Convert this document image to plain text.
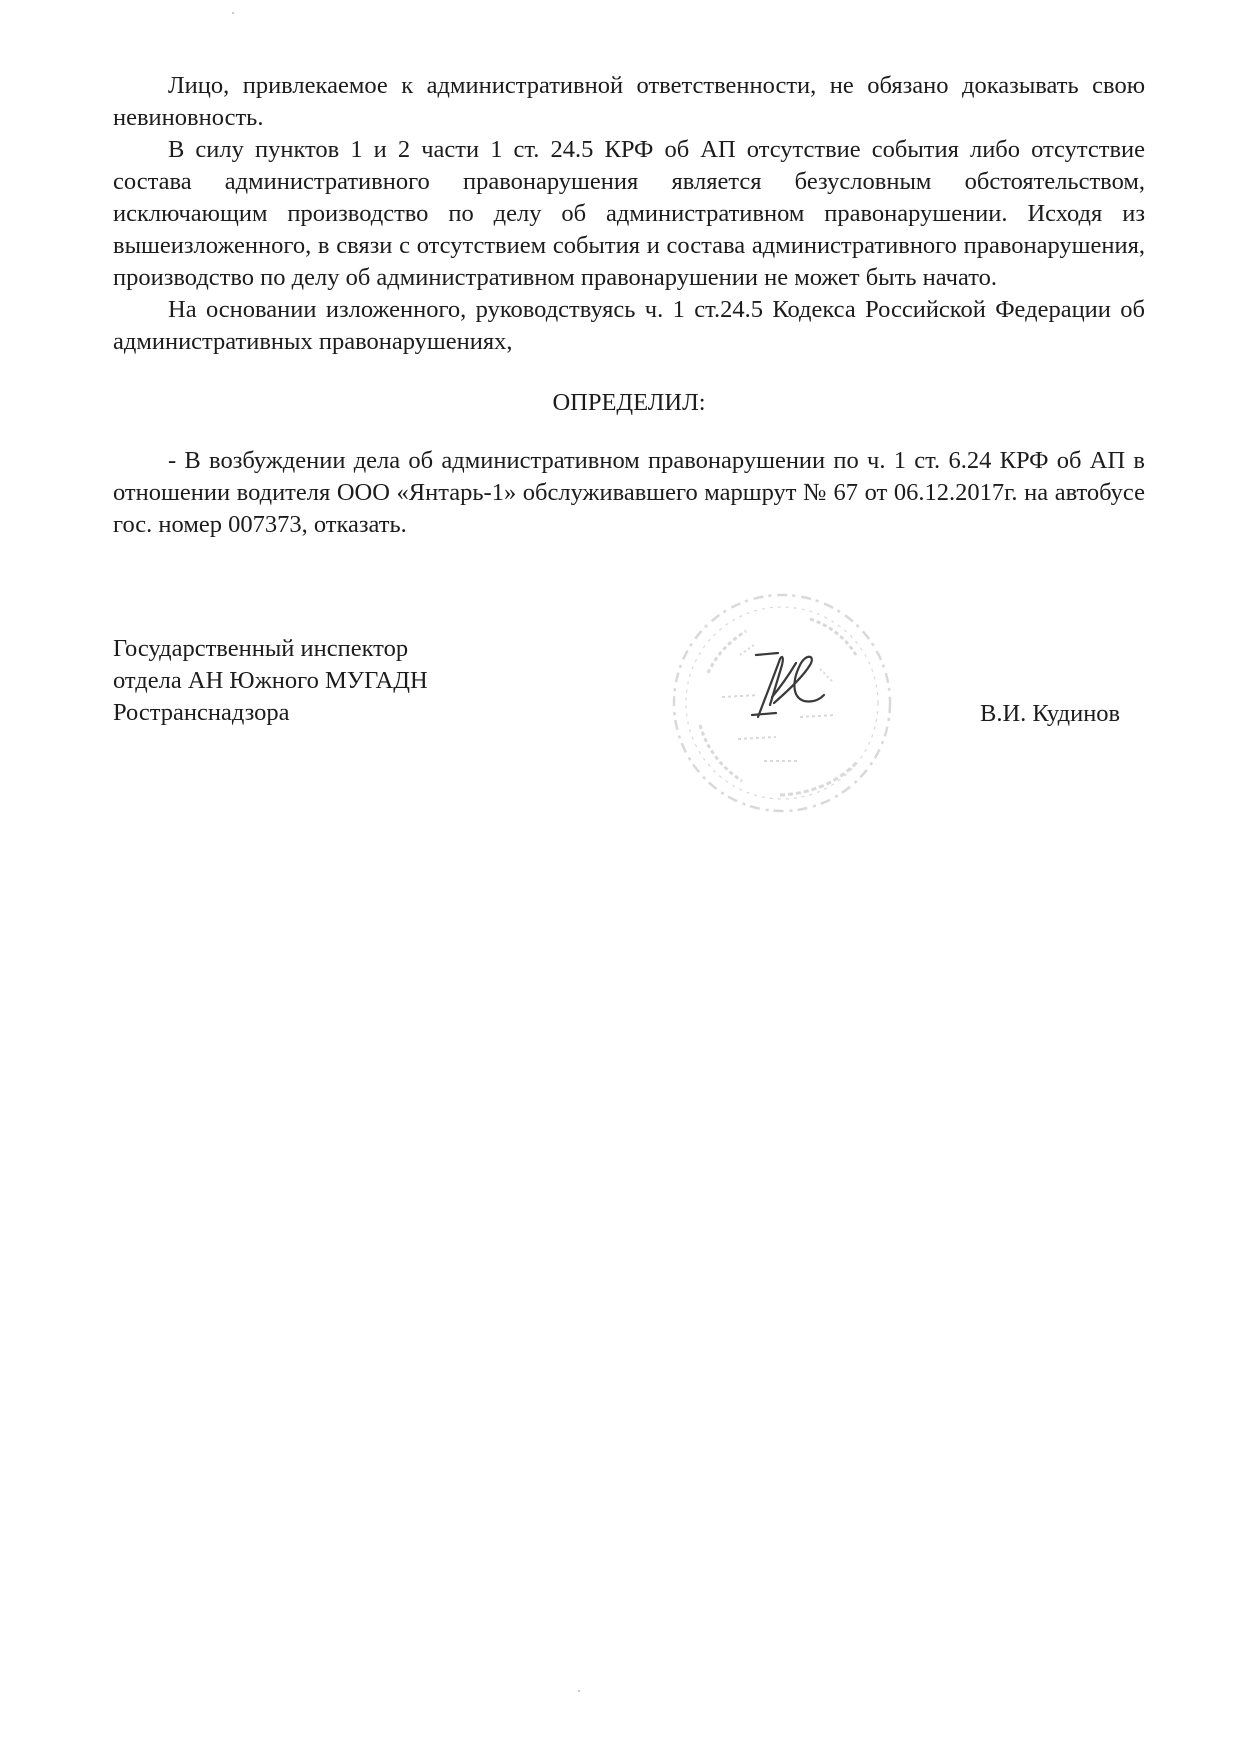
Лицо, привлекаемое к административной ответственности, не обязано доказывать свою невиновность.

В силу пунктов 1 и 2 части 1 ст. 24.5 КРФ об АП отсутствие события либо отсутствие состава административного правонарушения является безусловным обстоятельством, исключающим производство по делу об административном правонарушении. Исходя из вышеизложенного, в связи с отсутствием события и состава административного правонарушения, производство по делу об административном правонарушении не может быть начато.

На основании изложенного, руководствуясь ч. 1 ст.24.5 Кодекса Российской Федерации об административных правонарушениях,

ОПРЕДЕЛИЛ:

- В возбуждении дела об административном правонарушении по ч. 1 ст. 6.24 КРФ об АП в отношении водителя ООО «Янтарь-1» обслуживавшего маршрут № 67 от 06.12.2017г. на автобусе гос. номер 007373, отказать.

Государственный инспектор
отдела АН Южного МУГАДН
Ространснадзора	В.И. Кудинов
